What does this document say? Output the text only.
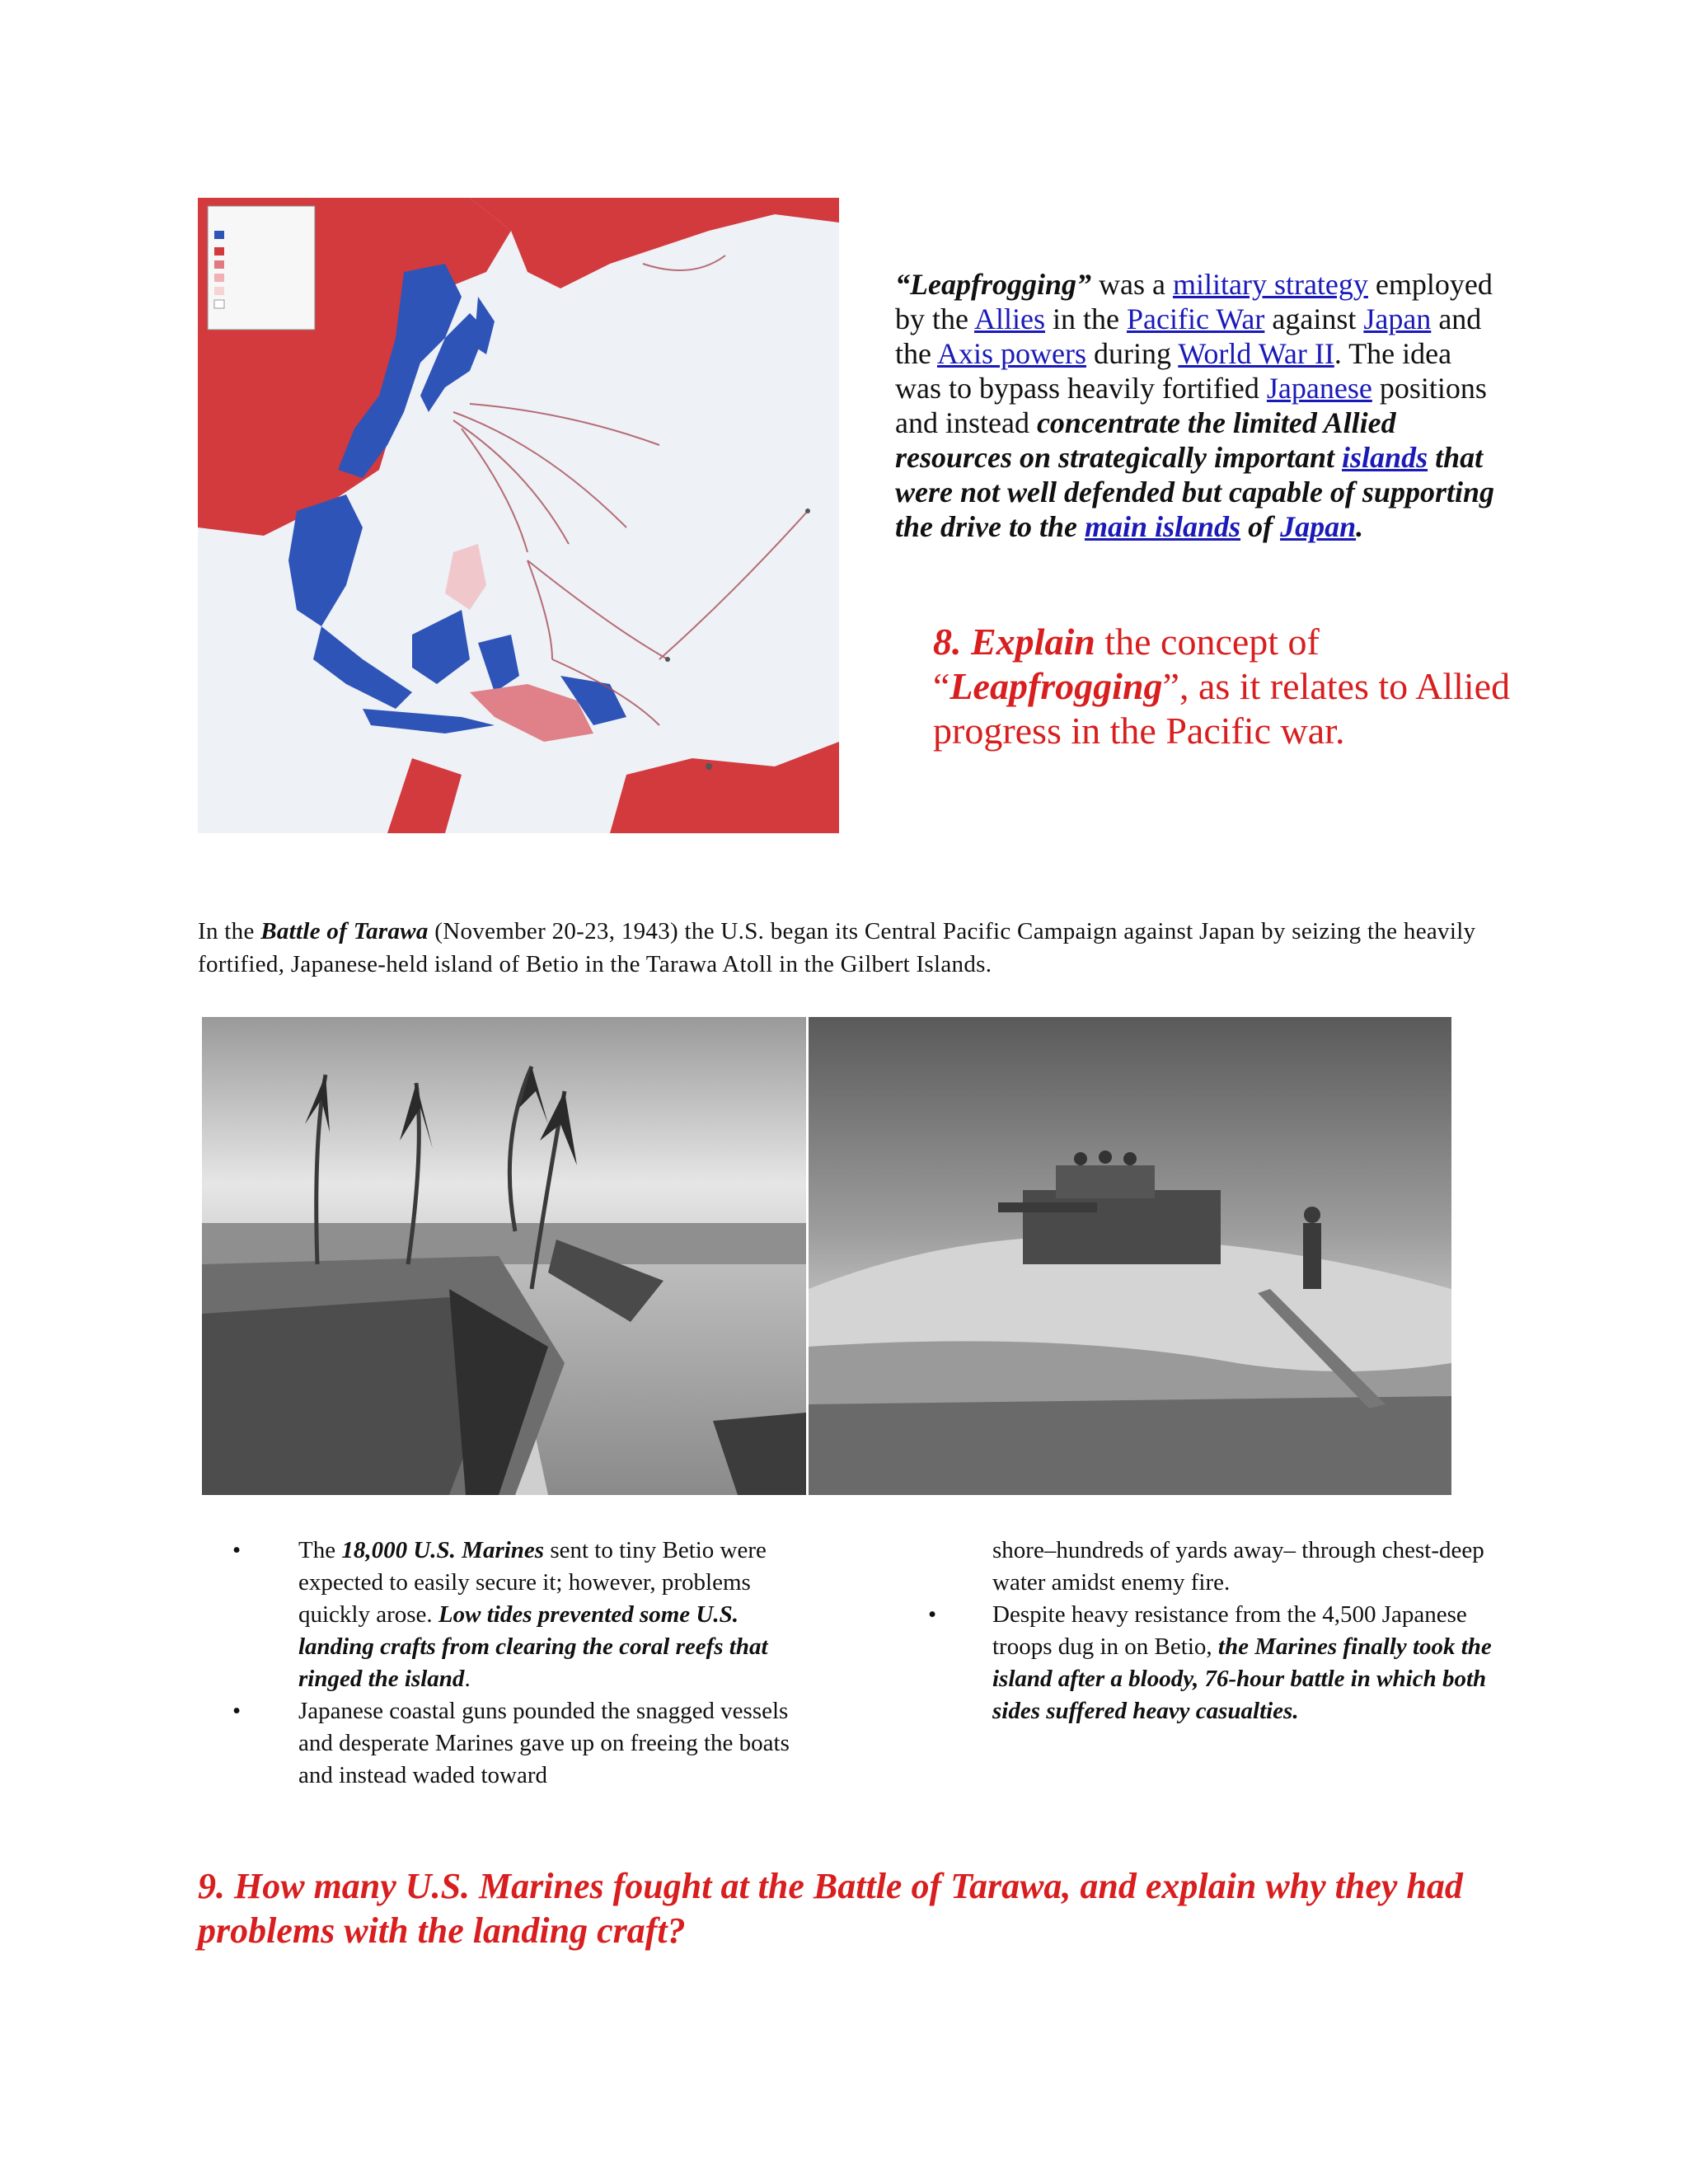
“Leapfrogging” was a military strategy employed by the Allies in the Pacific War against Japan and the Axis powers during World War II. The idea was to bypass heavily fortified Japanese positions and instead concentrate the limited Allied resources on strategically important islands that were not well defended but capable of supporting the drive to the main islands of Japan.
8. Explain the concept of “Leapfrogging”, as it relates to Allied progress in the Pacific war.
In the Battle of Tarawa (November 20-23, 1943) the U.S. began its Central Pacific Campaign against Japan by seizing the heavily fortified, Japanese-held island of Betio in the Tarawa Atoll in the Gilbert Islands.

• The 18,000 U.S. Marines sent to tiny Betio were expected to easily secure it; however, problems quickly arose. Low tides prevented some U.S. landing crafts from clearing the coral reefs that ringed the island.

• Japanese coastal guns pounded the snagged vessels and desperate Marines gave up on freeing the boats and instead waded toward

shore–hundreds of yards away– through chest-deep water amidst enemy fire.

• Despite heavy resistance from the 4,500 Japanese troops dug in on Betio, the Marines finally took the island after a bloody, 76-hour battle in which both sides suffered heavy casualties.

9. How many U.S. Marines fought at the Battle of Tarawa, and explain why they had problems with the landing craft?
